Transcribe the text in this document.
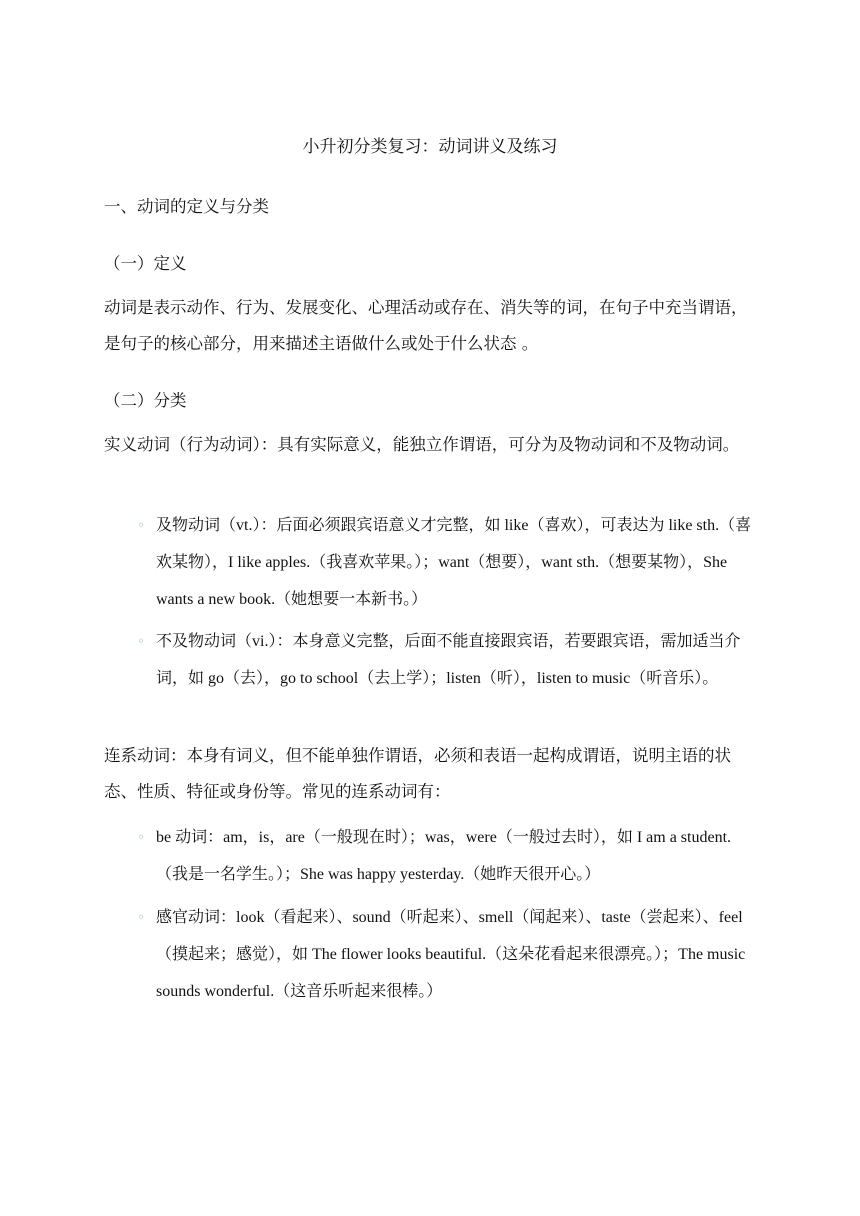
小升初分类复习：动词讲义及练习
一、动词的定义与分类
（一）定义
动词是表示动作、行为、发展变化、心理活动或存在、消失等的词，在句子中充当谓语，是句子的核心部分，用来描述主语做什么或处于什么状态 。
（二）分类
实义动词（行为动词）：具有实际意义，能独立作谓语，可分为及物动词和不及物动词。
◦ 及物动词（vt.）：后面必须跟宾语意义才完整，如 like（喜欢），可表达为 like sth.（喜欢某物），I like apples.（我喜欢苹果。）；want（想要），want sth.（想要某物），She wants a new book.（她想要一本新书。）
◦ 不及物动词（vi.）：本身意义完整，后面不能直接跟宾语，若要跟宾语，需加适当介词，如 go（去），go to school（去上学）；listen（听），listen to music（听音乐）。
连系动词：本身有词义，但不能单独作谓语，必须和表语一起构成谓语，说明主语的状态、性质、特征或身份等。常见的连系动词有：
◦ be 动词：am，is，are（一般现在时）；was，were（一般过去时），如 I am a student.（我是一名学生。）；She was happy yesterday.（她昨天很开心。）
◦ 感官动词：look（看起来）、sound（听起来）、smell（闻起来）、taste（尝起来）、feel（摸起来；感觉），如 The flower looks beautiful.（这朵花看起来很漂亮。）；The music sounds wonderful.（这音乐听起来很棒。）
